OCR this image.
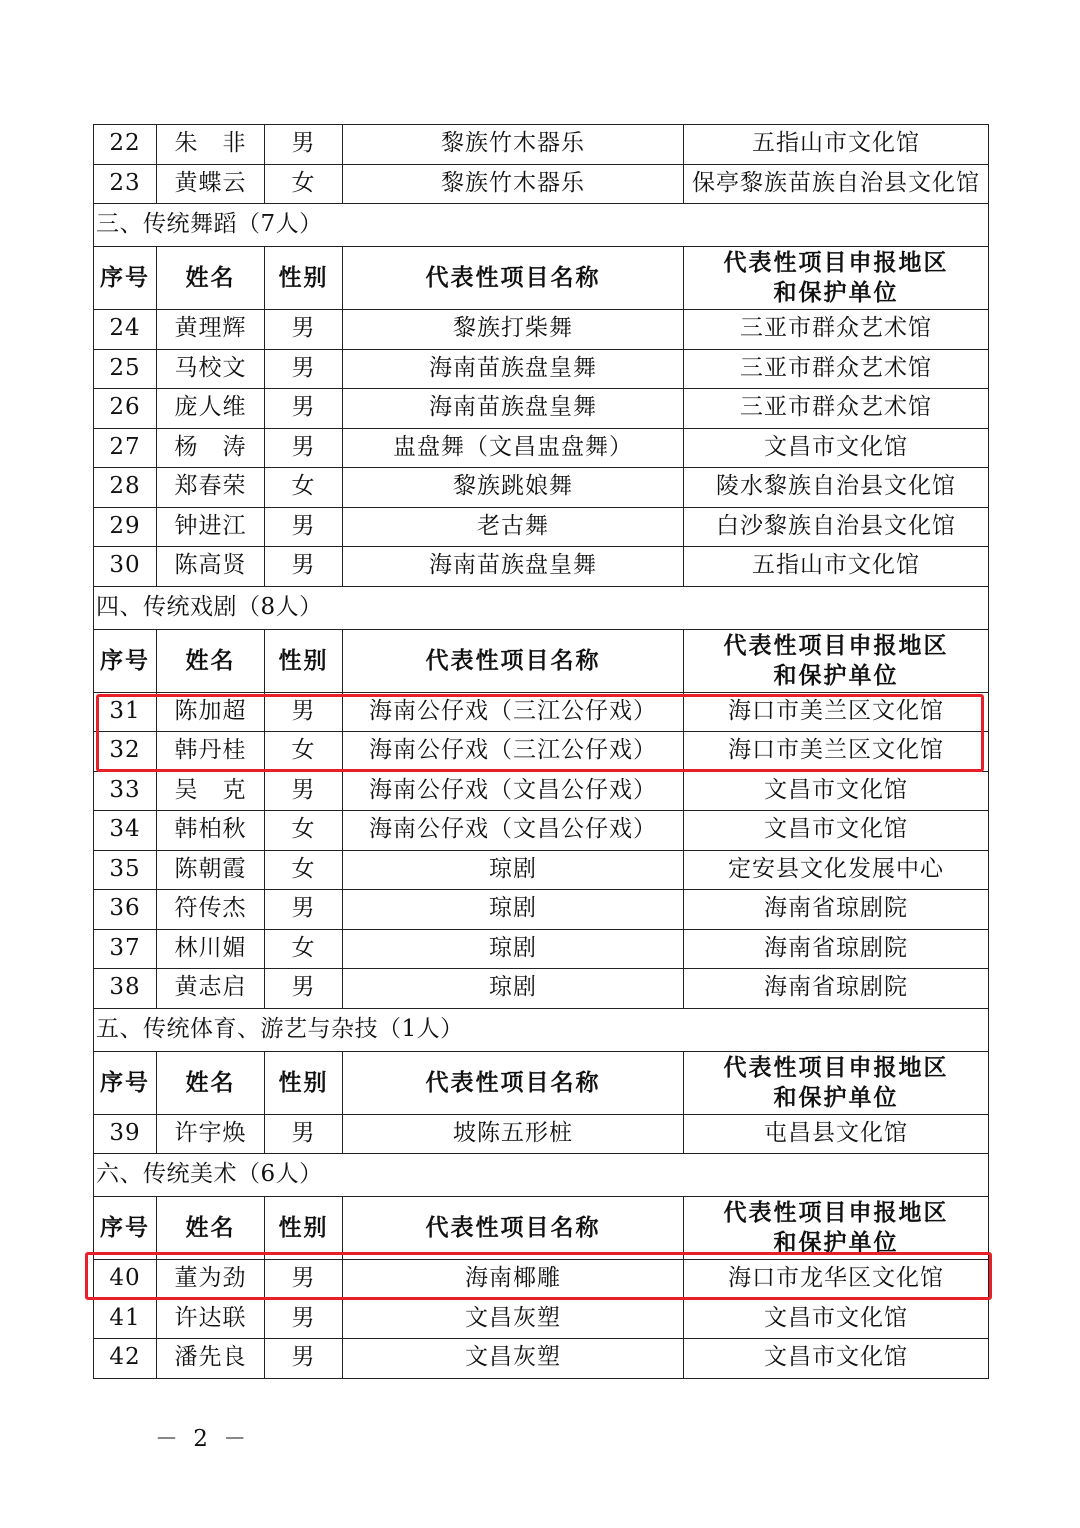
22	朱　非	男	黎族竹木器乐	五指山市文化馆
23	黄蝶云	女	黎族竹木器乐	保亭黎族苗族自治县文化馆
三、传统舞蹈（7人）				
序号	姓名	性别	代表性项目名称	代表性项目申报地区
和保护单位

24	黄理辉	男	黎族打柴舞	三亚市群众艺术馆
25	马校文	男	海南苗族盘皇舞	三亚市群众艺术馆
26	庞人维	男	海南苗族盘皇舞	三亚市群众艺术馆
27	杨　涛	男	盅盘舞（文昌盅盘舞）	文昌市文化馆
28	郑春荣	女	黎族跳娘舞	陵水黎族自治县文化馆
29	钟进江	男	老古舞	白沙黎族自治县文化馆
30	陈高贤	男	海南苗族盘皇舞	五指山市文化馆
四、传统戏剧（8人）				
序号	姓名	性别	代表性项目名称	代表性项目申报地区
和保护单位

31	陈加超	男	海南公仔戏（三江公仔戏）	海口市美兰区文化馆
32	韩丹桂	女	海南公仔戏（三江公仔戏）	海口市美兰区文化馆
33	吴　克	男	海南公仔戏（文昌公仔戏）	文昌市文化馆
34	韩柏秋	女	海南公仔戏（文昌公仔戏）	文昌市文化馆
35	陈朝霞	女	琼剧	定安县文化发展中心
36	符传杰	男	琼剧	海南省琼剧院
37	林川媚	女	琼剧	海南省琼剧院
38	黄志启	男	琼剧	海南省琼剧院
五、传统体育、游艺与杂技（1人）				
序号	姓名	性别	代表性项目名称	代表性项目申报地区
和保护单位

39	许宇焕	男	坡陈五形桩	屯昌县文化馆
六、传统美术（6人）				
序号	姓名	性别	代表性项目名称	代表性项目申报地区
和保护单位

40	董为劲	男	海南椰雕	海口市龙华区文化馆
41	许达联	男	文昌灰塑	文昌市文化馆
42	潘先良	男	文昌灰塑	文昌市文化馆
－ 2 －
